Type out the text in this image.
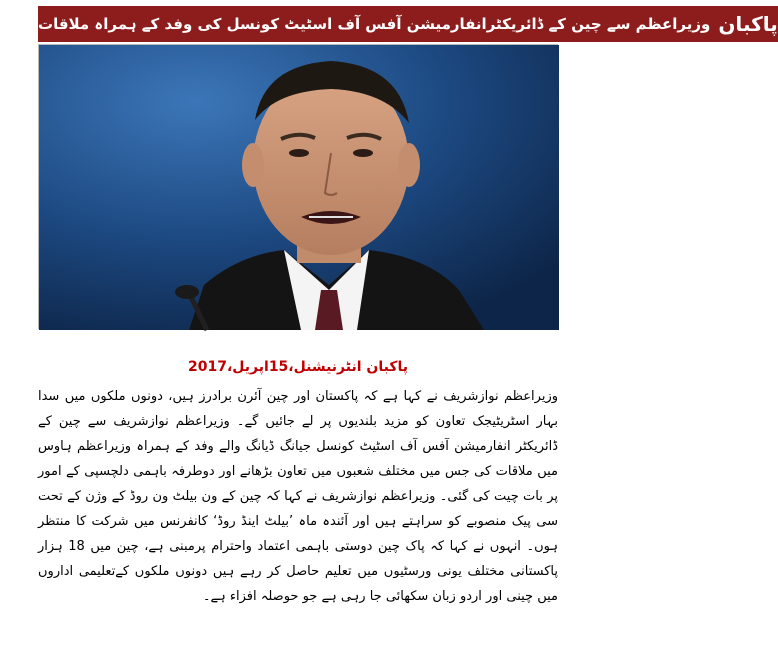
وزیراعظم سے چین کے ڈائریکٹرانفارمیشن آفس آف اسٹیٹ کونسل کی وفد کے ہمراہ ملاقات پاکبان
پاکبان انٹرنیشنل،15اپریل،2017

وزیراعظم نوازشریف نے کہا ہے کہ پاکستان اور چین آئرن برادرز ہیں، دونوں ملکوں میں سدا بہار اسٹریٹیجک تعاون کو مزید بلندیوں پر لے جائیں گے۔ وزیراعظم نوازشریف سے چین کے ڈائریکٹر انفارمیشن آفس آف اسٹیٹ کونسل جیانگ ڈیانگ والے وفد کے ہمراہ وزیراعظم ہاوس میں ملاقات کی جس میں مختلف شعبوں میں تعاون بڑھانے اور دوطرفہ باہمی دلچسپی کے امور پر بات چیت کی گئی۔ وزیراعظم نوازشریف نے کہا کہ چین کے ون بیلٹ ون روڈ کے وژن کے تحت سی پیک منصوبے کو سراہتے ہیں اور آئندہ ماہ ’بیلٹ اینڈ روڈ‘ کانفرنس میں شرکت کا منتظر ہوں۔ انہوں نے کہا کہ پاک چین دوستی باہمی اعتماد واحترام پرمبنی ہے، چین میں 18 ہزار پاکستانی مختلف یونی ورسٹیوں میں تعلیم حاصل کر رہے ہیں دونوں ملکوں کےتعلیمی اداروں میں چینی اور اردو زبان سکھائی جا رہی ہے جو حوصلہ افزاء ہے۔
